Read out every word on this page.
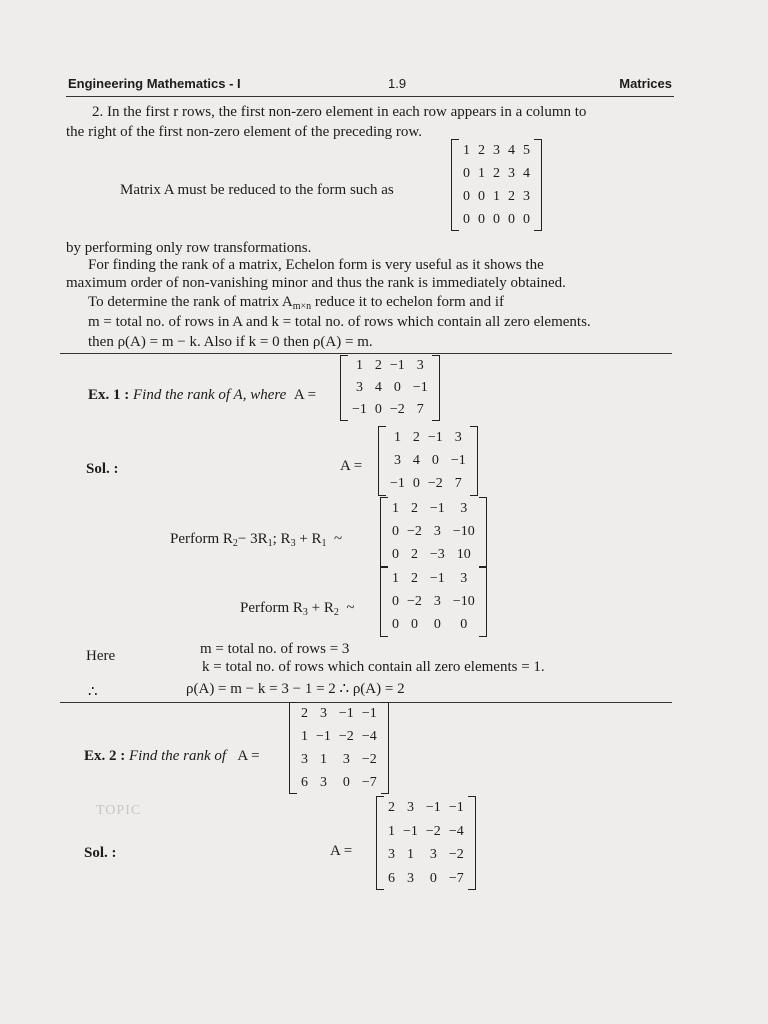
Engineering Mathematics - I	1.9	Matrices
2. In the first r rows, the first non-zero element in each row appears in a column to
the right of the first non-zero element of the preceding row.
Matrix A must be reduced to the form such as
1	2	3	4	5
0	1	2	3	4
0	0	1	2	3
0	0	0	0	0
by performing only row transformations.
For finding the rank of a matrix, Echelon form is very useful as it shows the
maximum order of non-vanishing minor and thus the rank is immediately obtained.
To determine the rank of matrix $A_{m\times n}$ reduce it to echelon form and if
m = total no. of rows in A and k = total no. of rows which contain all zero elements.
then ρ(A) = m − k. Also if k = 0 then ρ(A) = m.
Ex. 1 : Find the rank of A, where A =
1	2	−1	3
3	4	0	−1
−1	0	−2	7
Sol. :	A =
1	2	−1	3
3	4	0	−1
−1	0	−2	7
Perform $R_2- 3R_1$; $R_3 + R_1$ ~
1	2	−1	3
0	−2	3	−10
0	2	−3	10
Perform $R_3 + R_2$ ~
1	2	−1	3
0	−2	3	−10
0	0	0	0
Here	m = total no. of rows = 3
k = total no. of rows which contain all zero elements = 1.
∴	ρ(A) = m − k = 3 − 1 = 2 ∴ ρ(A) = 2
Ex. 2 : Find the rank of A =
2	3	−1	−1
1	−1	−2	−4
3	1	3	−2
6	3	0	−7
TOPIC
Sol. :	A =
2	3	−1	−1
1	−1	−2	−4
3	1	3	−2
6	3	0	−7
